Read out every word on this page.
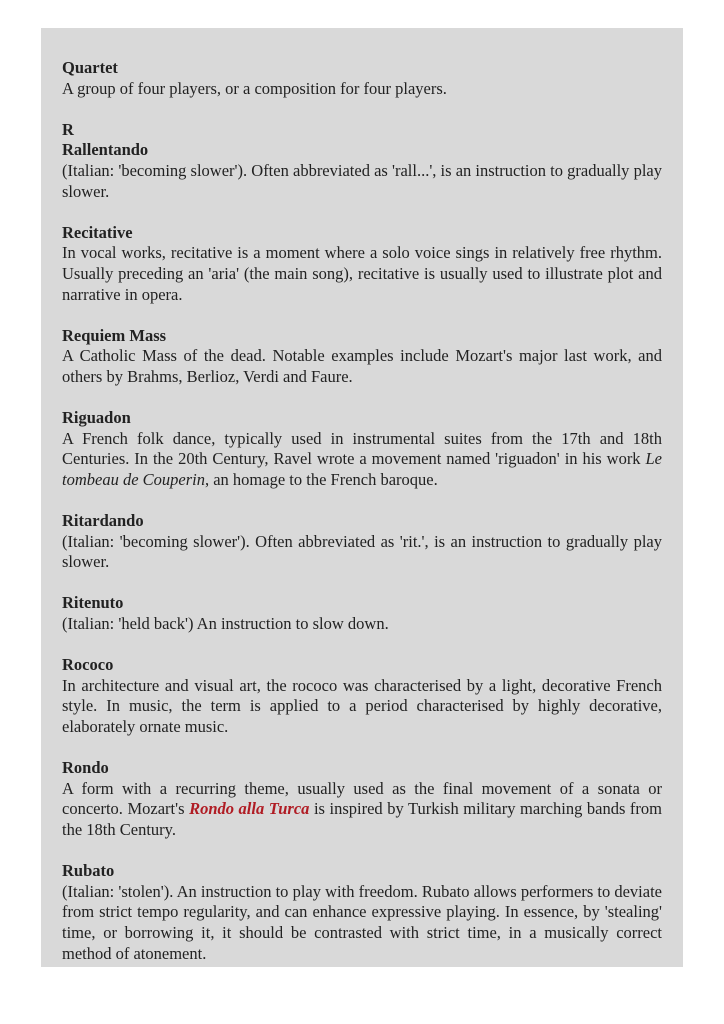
Quartet
A group of four players, or a composition for four players.
R
Rallentando
(Italian: 'becoming slower'). Often abbreviated as 'rall...', is an instruction to gradually play slower.
Recitative
In vocal works, recitative is a moment where a solo voice sings in relatively free rhythm. Usually preceding an 'aria' (the main song), recitative is usually used to illustrate plot and narrative in opera.
Requiem Mass
A Catholic Mass of the dead. Notable examples include Mozart's major last work, and others by Brahms, Berlioz, Verdi and Faure.
Riguadon
A French folk dance, typically used in instrumental suites from the 17th and 18th Centuries. In the 20th Century, Ravel wrote a movement named 'riguadon' in his work Le tombeau de Couperin, an homage to the French baroque.
Ritardando
(Italian: 'becoming slower'). Often abbreviated as 'rit.', is an instruction to gradually play slower.
Ritenuto
(Italian: 'held back') An instruction to slow down.
Rococo
In architecture and visual art, the rococo was characterised by a light, decorative French style. In music, the term is applied to a period characterised by highly decorative, elaborately ornate music.
Rondo
A form with a recurring theme, usually used as the final movement of a sonata or concerto. Mozart's Rondo alla Turca is inspired by Turkish military marching bands from the 18th Century.
Rubato
(Italian: 'stolen'). An instruction to play with freedom. Rubato allows performers to deviate from strict tempo regularity, and can enhance expressive playing. In essence, by 'stealing' time, or borrowing it, it should be contrasted with strict time, in a musically correct method of atonement.
